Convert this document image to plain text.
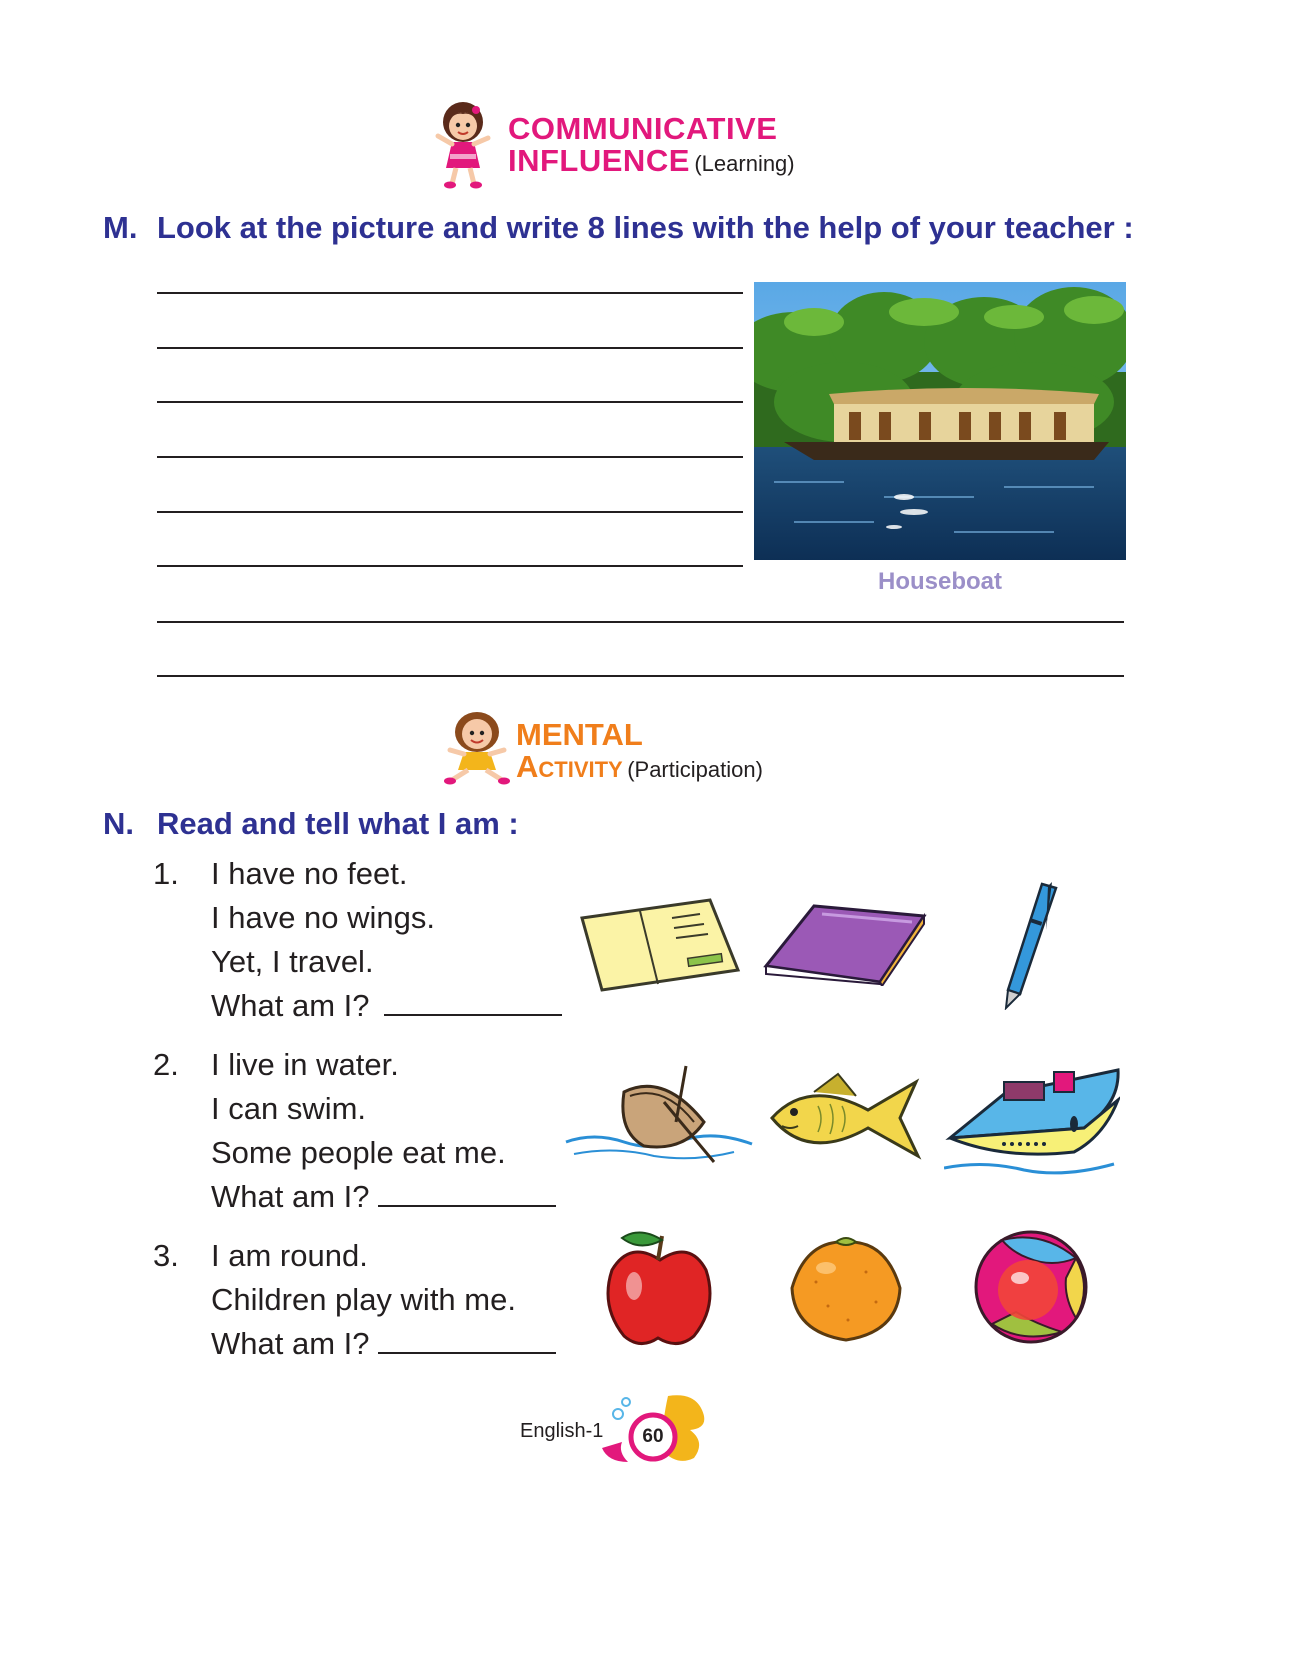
COMMUNICATIVE
INFLUENCE (Learning)
M. Look at the picture and write 8 lines with the help of your teacher :
Houseboat
MENTAL
Activity (Participation)
N. Read and tell what I am :
1. I have no feet.
I have no wings.
Yet, I travel.
What am I?
2. I live in water.
I can swim.
Some people eat me.
What am I?
3. I am round.
Children play with me.
What am I?
English-1	60
